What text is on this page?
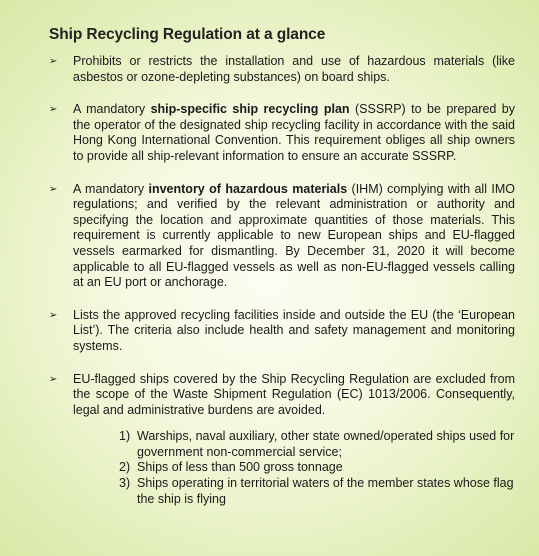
Ship Recycling Regulation at a glance
➢ Prohibits or restricts the installation and use of hazardous materials (like asbestos or ozone-depleting substances) on board ships.
➢ A mandatory ship-specific ship recycling plan (SSSRP) to be prepared by the operator of the designated ship recycling facility in accordance with the said Hong Kong International Convention. This requirement obliges all ship owners to provide all ship-relevant information to ensure an accurate SSSRP.
➢ A mandatory inventory of hazardous materials (IHM) complying with all IMO regulations; and verified by the relevant administration or authority and specifying the location and approximate quantities of those materials. This requirement is currently applicable to new European ships and EU-flagged vessels earmarked for dismantling. By December 31, 2020 it will become applicable to all EU-flagged vessels as well as non-EU-flagged vessels calling at an EU port or anchorage.
➢ Lists the approved recycling facilities inside and outside the EU (the ‘European List’). The criteria also include health and safety management and monitoring systems.
➢ EU-flagged ships covered by the Ship Recycling Regulation are excluded from the scope of the Waste Shipment Regulation (EC) 1013/2006. Consequently, legal and administrative burdens are avoided.
1) Warships, naval auxiliary, other state owned/operated ships used for government non-commercial service;
2) Ships of less than 500 gross tonnage
3) Ships operating in territorial waters of the member states whose flag the ship is flying
